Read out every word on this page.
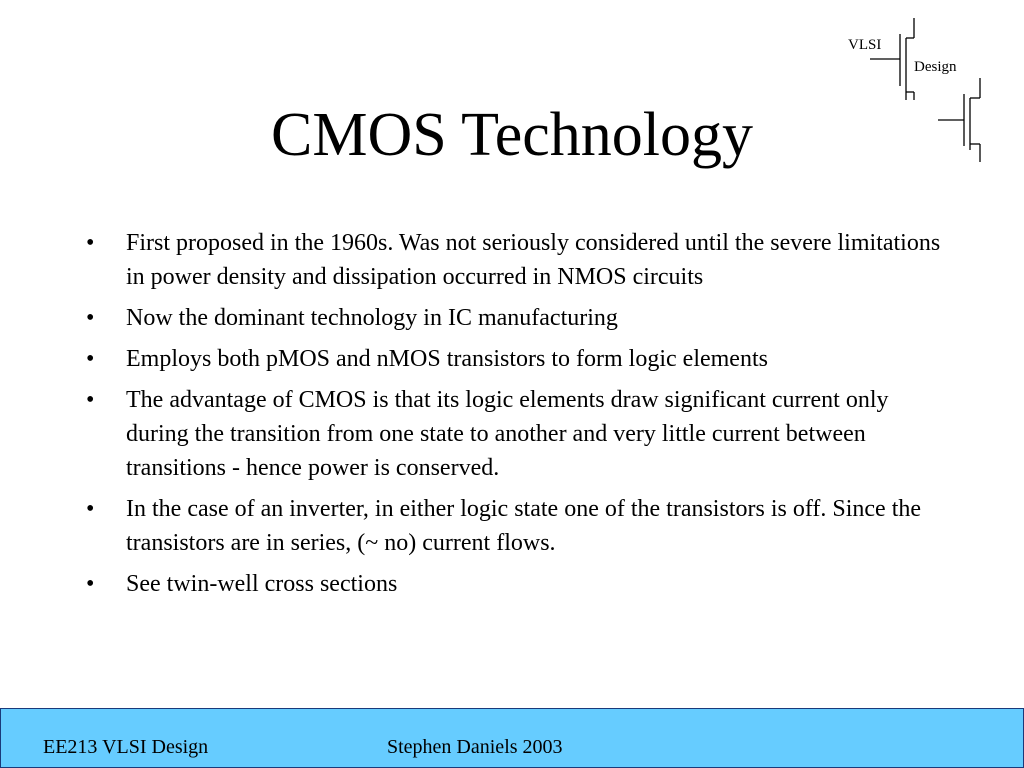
VLSI
Design
CMOS Technology
• First proposed in the 1960s. Was not seriously considered until the severe limitations in power density and dissipation occurred in NMOS circuits
• Now the dominant technology in IC manufacturing
• Employs both pMOS and nMOS transistors to form logic elements
• The advantage of CMOS is that its logic elements draw significant current only during the transition from one state to another and very little current between transitions - hence power is conserved.
• In the case of an inverter, in either logic state one of the transistors is off. Since the transistors are in series, (~ no) current flows.
• See twin-well cross sections
EE213 VLSI Design	Stephen Daniels 2003
